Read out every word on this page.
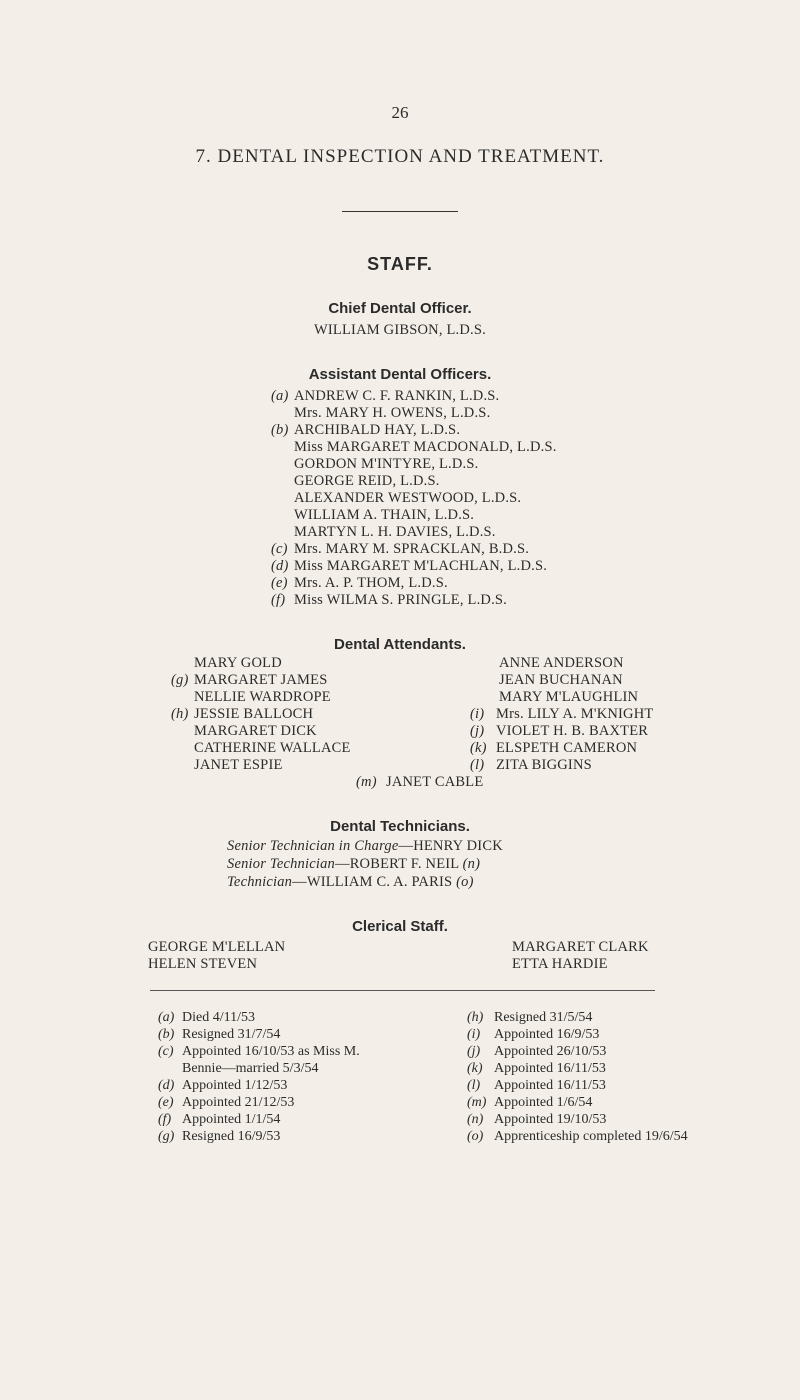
26
7. DENTAL INSPECTION AND TREATMENT.
STAFF.
Chief Dental Officer.
WILLIAM GIBSON, L.D.S.
Assistant Dental Officers.
(a) ANDREW C. F. RANKIN, L.D.S.
Mrs. MARY H. OWENS, L.D.S.
(b) ARCHIBALD HAY, L.D.S.
Miss MARGARET MACDONALD, L.D.S.
GORDON M'INTYRE, L.D.S.
GEORGE REID, L.D.S.
ALEXANDER WESTWOOD, L.D.S.
WILLIAM A. THAIN, L.D.S.
MARTYN L. H. DAVIES, L.D.S.
(c) Mrs. MARY M. SPRACKLAN, B.D.S.
(d) Miss MARGARET M'LACHLAN, L.D.S.
(e) Mrs. A. P. THOM, L.D.S.
(f) Miss WILMA S. PRINGLE, L.D.S.
Dental Attendants.
MARY GOLD
(g) MARGARET JAMES
NELLIE WARDROPE
(h) JESSIE BALLOCH
MARGARET DICK
CATHERINE WALLACE
JANET ESPIE
ANNE ANDERSON
JEAN BUCHANAN
MARY M'LAUGHLIN
(i) Mrs. LILY A. M'KNIGHT
(j) VIOLET H. B. BAXTER
(k) ELSPETH CAMERON
(l) ZITA BIGGINS
(m) JANET CABLE
Dental Technicians.
Senior Technician in Charge—HENRY DICK
Senior Technician—ROBERT F. NEIL (n)
Technician—WILLIAM C. A. PARIS (o)
Clerical Staff.
GEORGE M'LELLAN
HELEN STEVEN
MARGARET CLARK
ETTA HARDIE
(a) Died 4/11/53
(b) Resigned 31/7/54
(c) Appointed 16/10/53 as Miss M.
Bennie—married 5/3/54
(d) Appointed 1/12/53
(e) Appointed 21/12/53
(f) Appointed 1/1/54
(g) Resigned 16/9/53
(h) Resigned 31/5/54
(i) Appointed 16/9/53
(j) Appointed 26/10/53
(k) Appointed 16/11/53
(l) Appointed 16/11/53
(m) Appointed 1/6/54
(n) Appointed 19/10/53
(o) Apprenticeship completed 19/6/54
